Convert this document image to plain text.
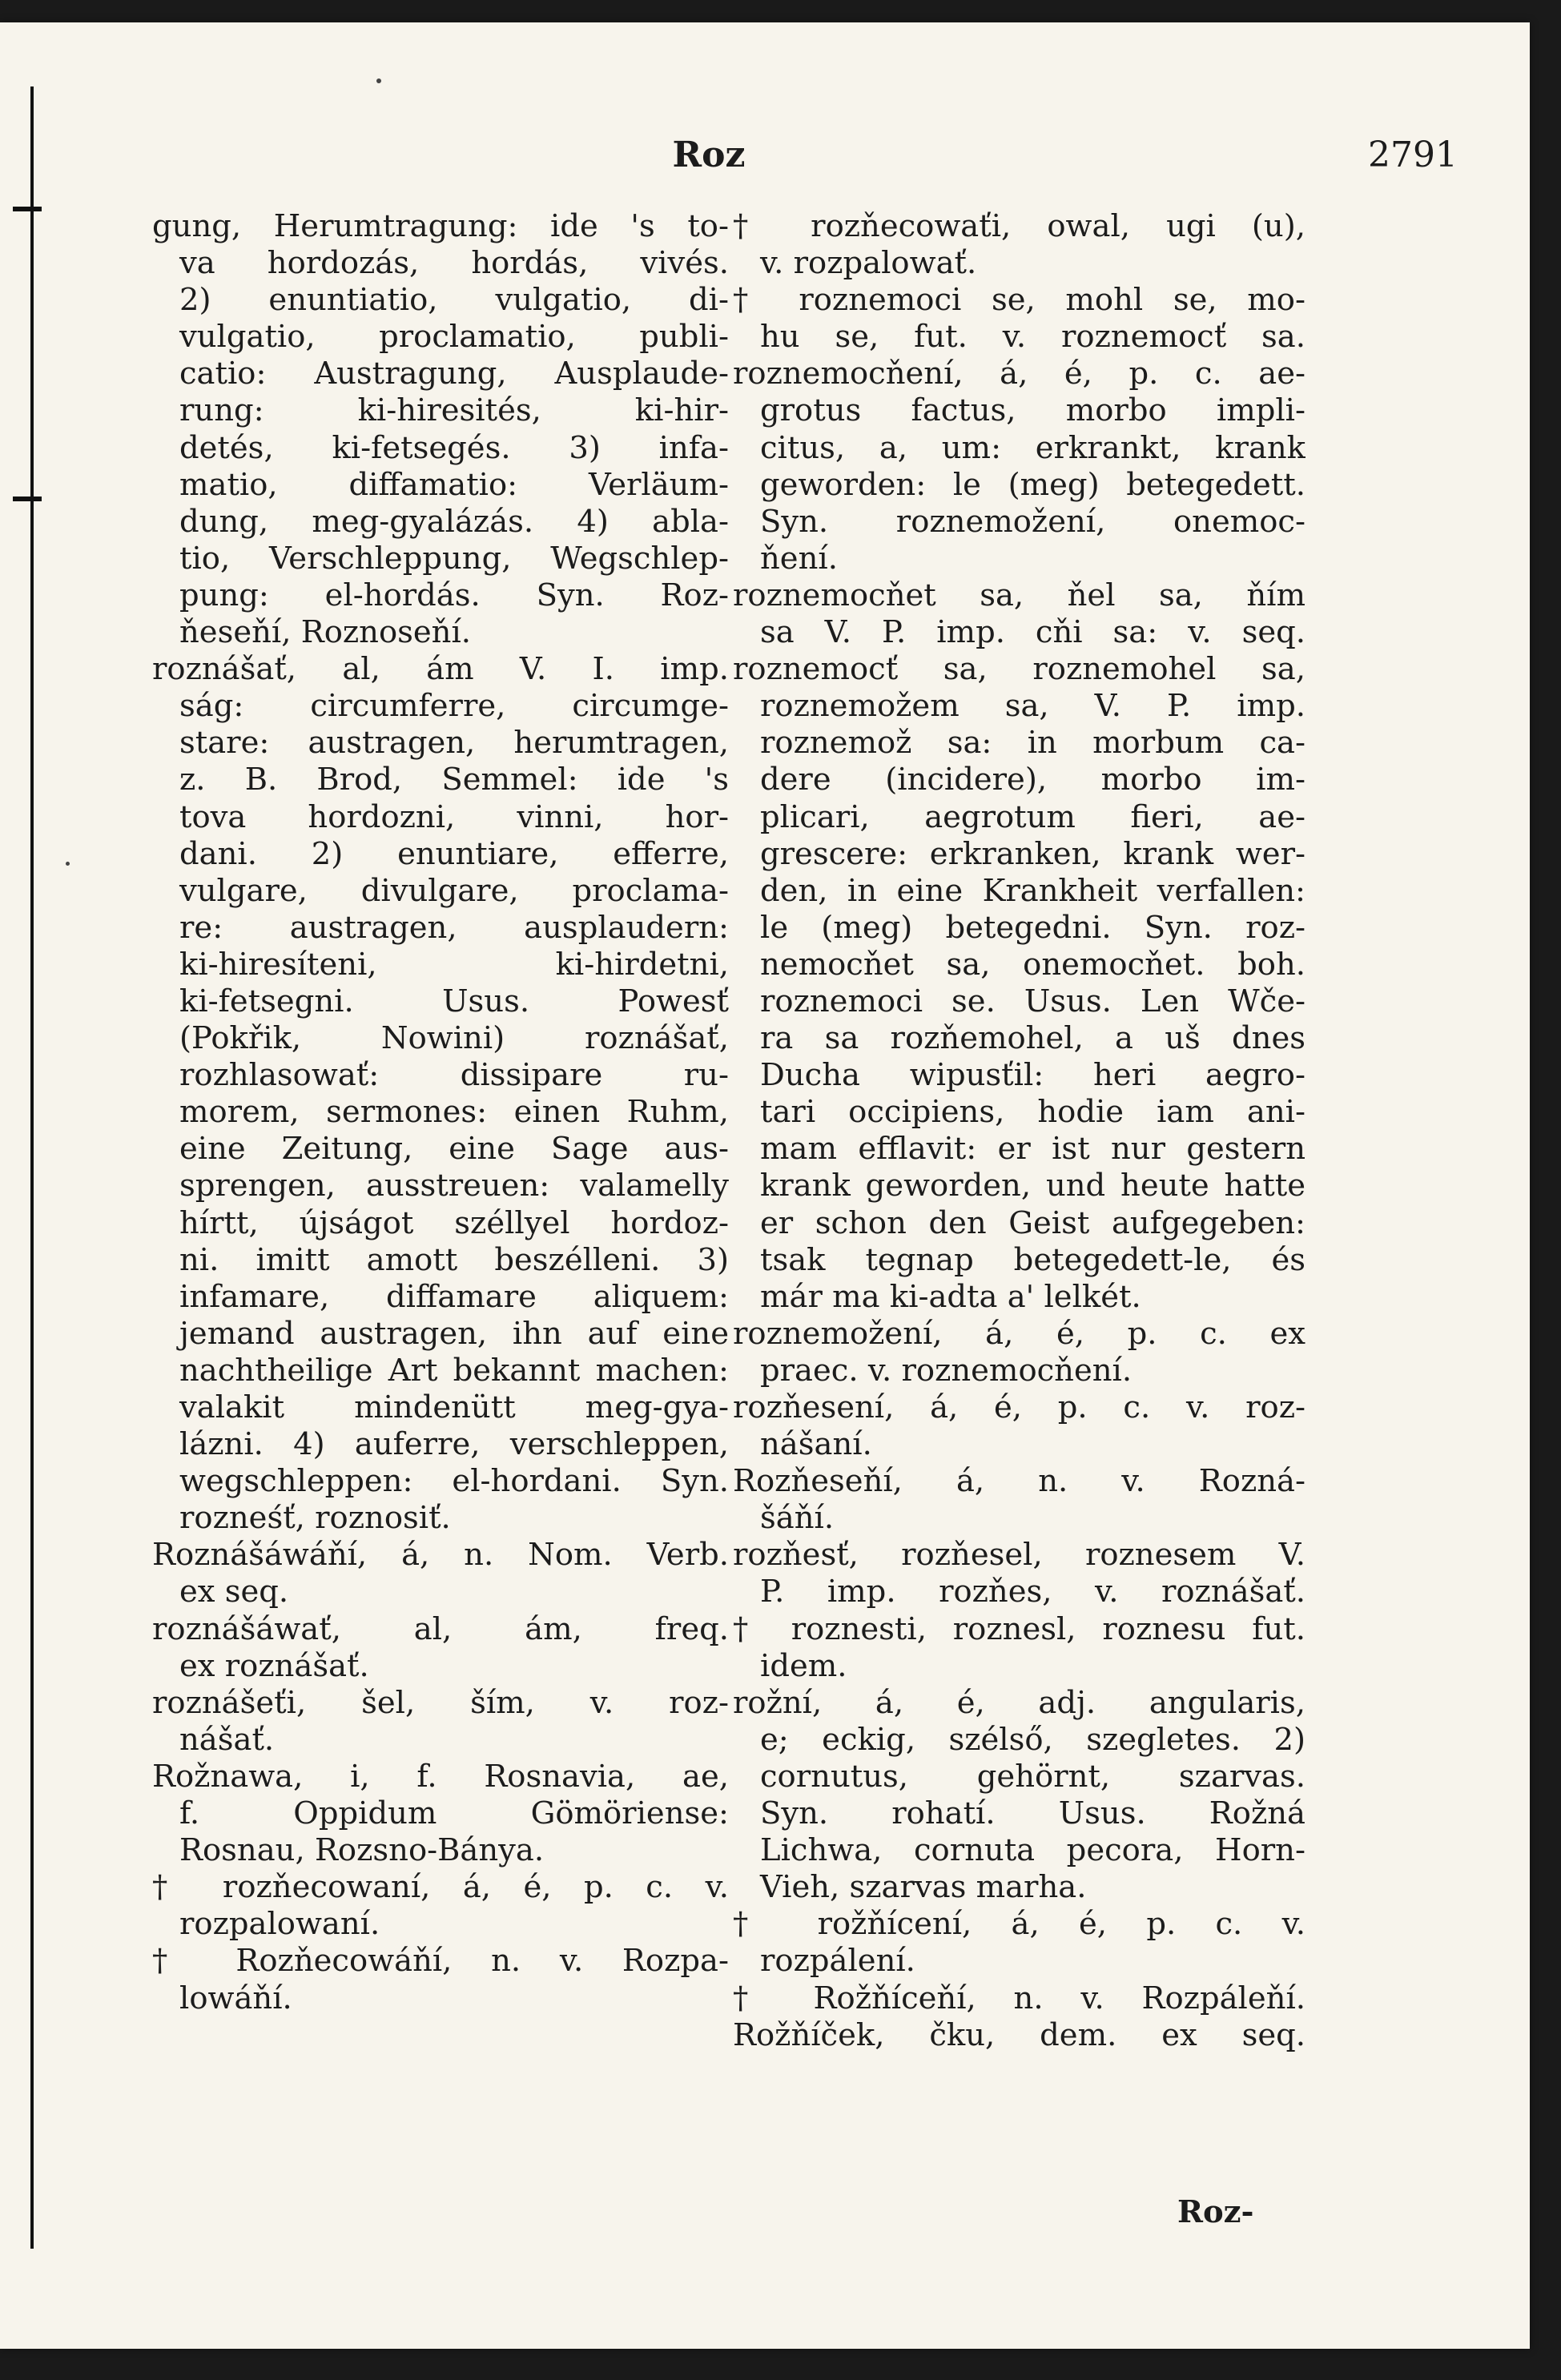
Roz	2791
gung, Herumtragung: ide 's to-
va hordozás, hordás, vivés.
2) enuntiatio, vulgatio, di-
vulgatio, proclamatio, publi-
catio: Austragung, Ausplaude-
rung: ki-hiresités, ki-hir-
detés, ki-fetsegés. 3) infa-
matio, diffamatio: Verläum-
dung, meg-gyalázás. 4) abla-
tio, Verschleppung, Wegschlep-
pung: el-hordás. Syn. Roz-
ňeseňí, Roznoseňí.
roznášať, al, ám V. I. imp.
ság: circumferre, circumge-
stare: austragen, herumtragen,
z. B. Brod, Semmel: ide 's
tova hordozni, vinni, hor-
dani. 2) enuntiare, efferre,
vulgare, divulgare, proclama-
re: austragen, ausplaudern:
ki-hiresíteni, ki-hirdetni,
ki-fetsegni. Usus. Powesť
(Pokřik, Nowini) roznášať,
rozhlasowať: dissipare ru-
morem, sermones: einen Ruhm,
eine Zeitung, eine Sage aus-
sprengen, ausstreuen: valamelly
hírtt, újságot széllyel hordoz-
ni. imitt amott beszélleni. 3)
infamare, diffamare aliquem:
jemand austragen, ihn auf eine
nachtheilige Art bekannt machen:
valakit mindenütt meg-gya-
lázni. 4) auferre, verschleppen,
wegschleppen: el-hordani. Syn.
rozneśť, roznosiť.
Roznášáwáňí, á, n. Nom. Verb.
ex seq.
roznášáwať, al, ám, freq.
ex roznášať.
roznášeťi, šel, ším, v. roz-
nášať.
Rožnawa, i, f. Rosnavia, ae,
f. Oppidum Gömöriense:
Rosnau, Rozsno-Bánya.
† rozňecowaní, á, é, p. c. v.
rozpalowaní.
† Rozňecowáňí, n. v. Rozpa-
lowáňí.
† rozňecowaťi, owal, ugi (u),
v. rozpalowať.
† roznemoci se, mohl se, mo-
hu se, fut. v. roznemocť sa.
roznemocňení, á, é, p. c. ae-
grotus factus, morbo impli-
citus, a, um: erkrankt, krank
geworden: le (meg) betegedett.
Syn. roznemožení, onemoc-
ňení.
roznemocňet sa, ňel sa, ňím
sa V. P. imp. cňi sa: v. seq.
roznemocť sa, roznemohel sa,
roznemožem sa, V. P. imp.
roznemož sa: in morbum ca-
dere (incidere), morbo im-
plicari, aegrotum fieri, ae-
grescere: erkranken, krank wer-
den, in eine Krankheit verfallen:
le (meg) betegedni. Syn. roz-
nemocňet sa, onemocňet. boh.
roznemoci se. Usus. Len Wče-
ra sa rozňemohel, a uš dnes
Ducha wipusťil: heri aegro-
tari occipiens, hodie iam ani-
mam efflavit: er ist nur gestern
krank geworden, und heute hatte
er schon den Geist aufgegeben:
tsak tegnap betegedett-le, és
már ma ki-adta a' lelkét.
roznemožení, á, é, p. c. ex
praec. v. roznemocňení.
rozňesení, á, é, p. c. v. roz-
nášaní.
Rozňeseňí, á, n. v. Rozná-
šáňí.
rozňesť, rozňesel, roznesem V.
P. imp. rozňes, v. roznášať.
† roznesti, roznesl, roznesu fut.
idem.
rožní, á, é, adj. angularis,
e; eckig, szélső, szegletes. 2)
cornutus, gehörnt, szarvas.
Syn. rohatí. Usus. Rožná
Lichwa, cornuta pecora, Horn-
Vieh, szarvas marha.
† rožňícení, á, é, p. c. v.
rozpálení.
† Rožňíceňí, n. v. Rozpáleňí.
Rožňíček, čku, dem. ex seq.
Roz-
